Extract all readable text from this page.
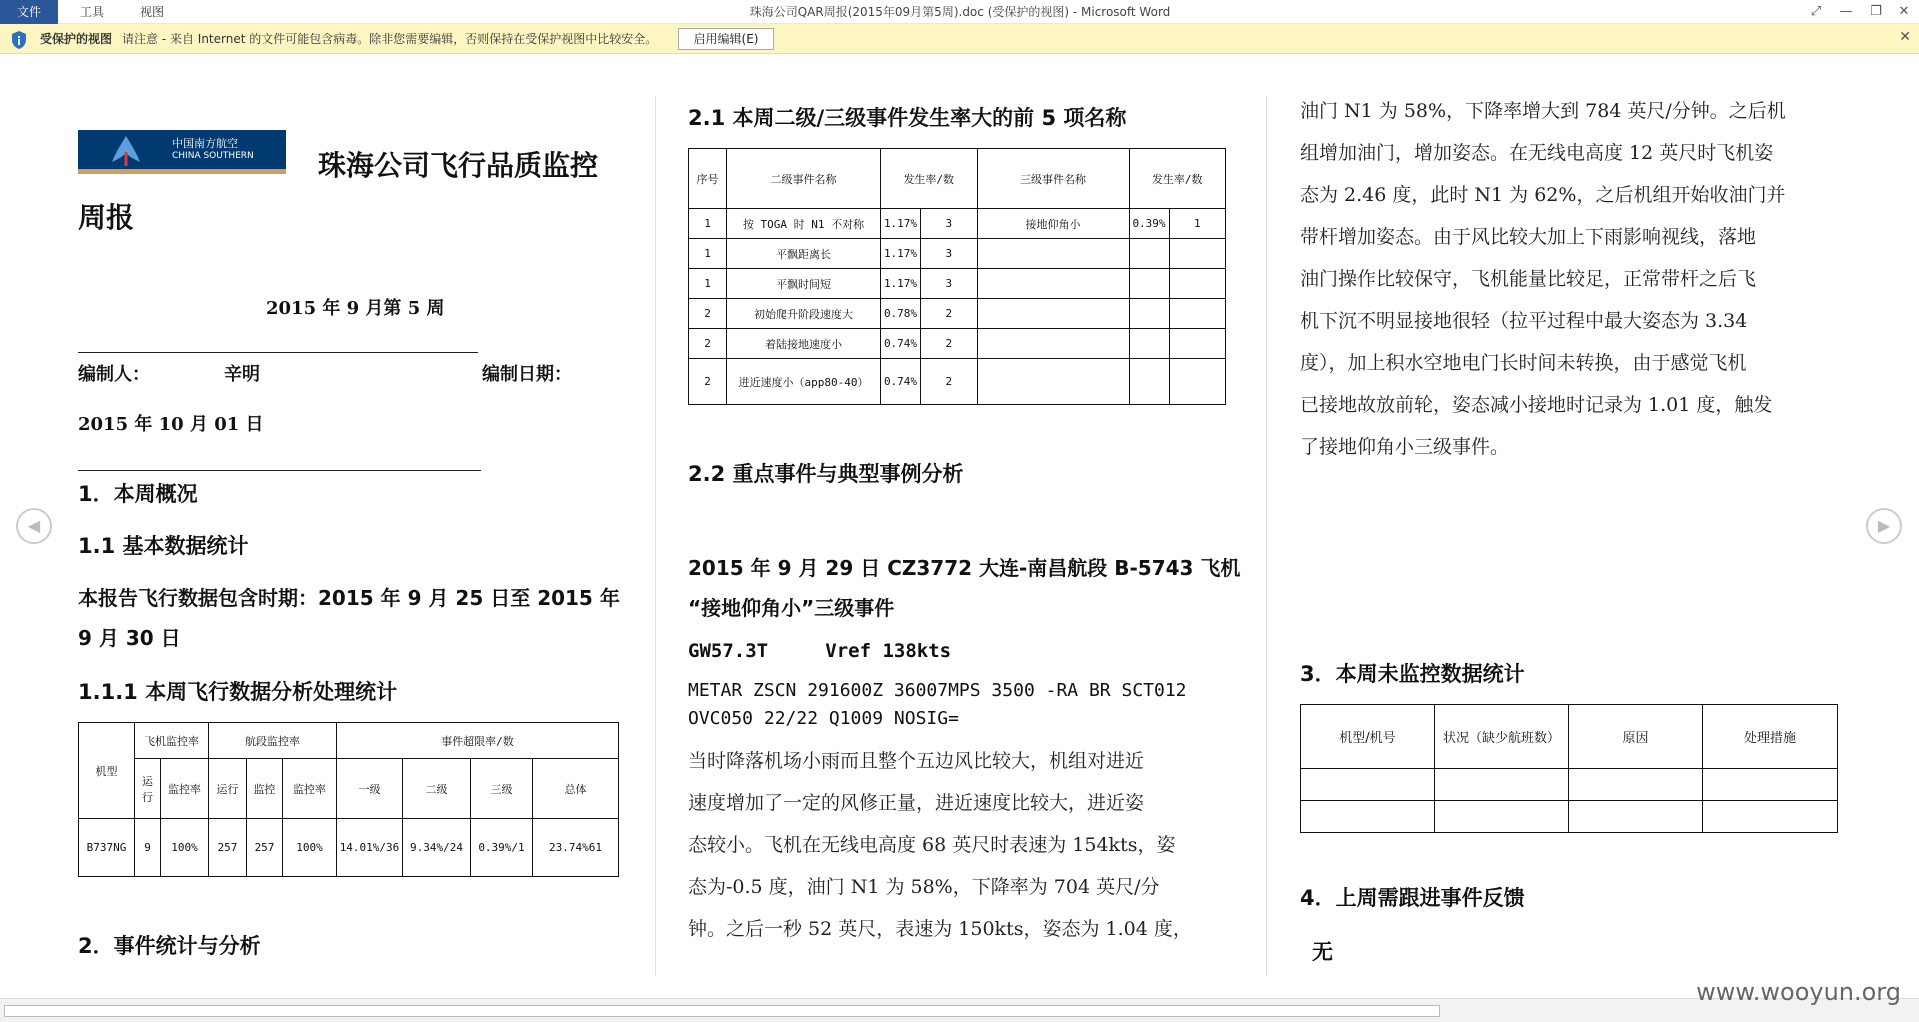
文件	工具	视图	珠海公司QAR周报(2015年09月第5周).doc (受保护的视图) - Microsoft Word	⤢	—	❐	✕
受保护的视图 请注意 - 来自 Internet 的文件可能包含病毒。除非您需要编辑，否则保持在受保护视图中比较安全。	启用编辑(E)	✕
◀	▶
中国南方航空
CHINA SOUTHERN 珠海公司飞行品质监控
周报
2015 年 9 月第 5 周
编制人：	辛明	编制日期：
2015 年 10 月 01 日
1．本周概况
1.1 基本数据统计
本报告飞行数据包含时期：2015 年 9 月 25 日至 2015 年
9 月 30 日
1.1.1 本周飞行数据分析处理统计
机型	飞机监控率		航段监控率			事件超限率/数			
	运行	监控率	运行	监控	监控率	一级	二级	三级	总体
B737NG	9	100%	257	257	100%	14.01%/36	9.34%/24	0.39%/1	23.74%61
2．事件统计与分析
2.1 本周二级/三级事件发生率大的前 5 项名称
序号	二级事件名称	发生率/数		三级事件名称	发生率/数	
1	按 TOGA 时 N1 不对称	1.17%	3	接地仰角小	0.39%	1
1	平飘距离长	1.17%	3			
1	平飘时间短	1.17%	3			
2	初始爬升阶段速度大	0.78%	2			
2	着陆接地速度小	0.74%	2			
2	进近速度小（app80-40）	0.74%	2			
2.2 重点事件与典型事例分析
2015 年 9 月 29 日 CZ3772 大连-南昌航段 B-5743 飞机
“接地仰角小”三级事件
GW57.3T     Vref 138kts
METAR ZSCN 291600Z 36007MPS 3500 -RA BR SCT012
OVC050 22/22 Q1009 NOSIG=
当时降落机场小雨而且整个五边风比较大，机组对进近
速度增加了一定的风修正量，进近速度比较大，进近姿
态较小。飞机在无线电高度 68 英尺时表速为 154kts，姿
态为-0.5 度，油门 N1 为 58%，下降率为 704 英尺/分
钟。之后一秒 52 英尺，表速为 150kts，姿态为 1.04 度，
油门 N1 为 58%，下降率增大到 784 英尺/分钟。之后机
组增加油门，增加姿态。在无线电高度 12 英尺时飞机姿
态为 2.46 度，此时 N1 为 62%，之后机组开始收油门并
带杆增加姿态。由于风比较大加上下雨影响视线，落地
油门操作比较保守，飞机能量比较足，正常带杆之后飞
机下沉不明显接地很轻（拉平过程中最大姿态为 3.34
度），加上积水空地电门长时间未转换，由于感觉飞机
已接地故放前轮，姿态减小接地时记录为 1.01 度，触发
了接地仰角小三级事件。
3．本周未监控数据统计
机型/机号	状况（缺少航班数）	原因	处理措施

4．上周需跟进事件反馈
无
www.wooyun.org
